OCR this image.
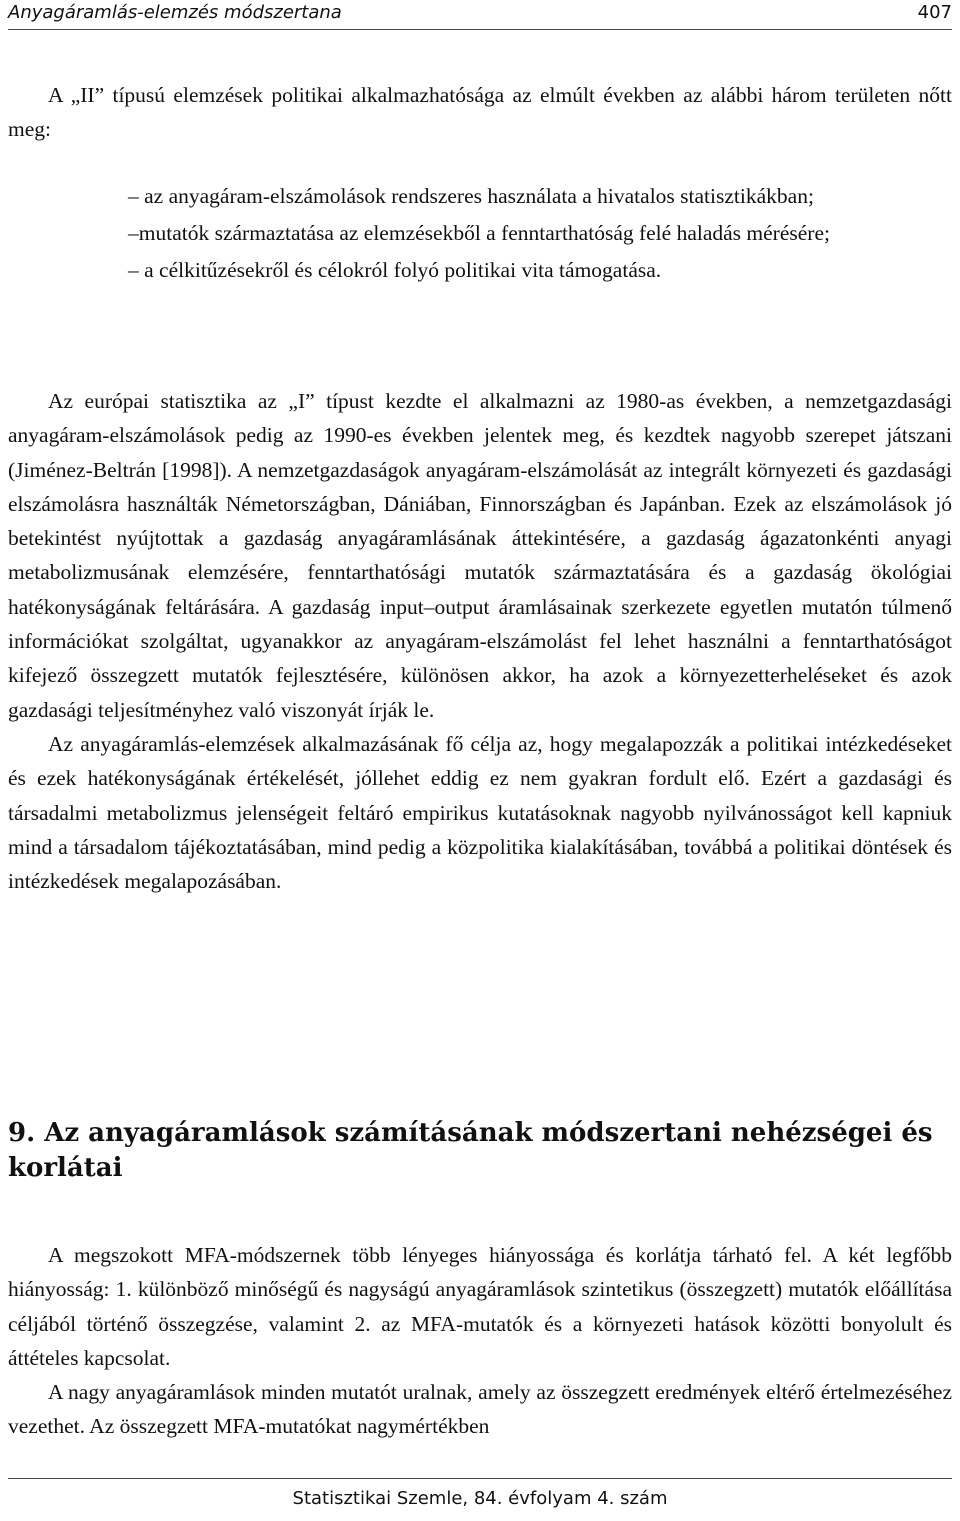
Anyagáramlás-elemzés módszertana	407

A „II” típusú elemzések politikai alkalmazhatósága az elmúlt években az alábbi három területen nőtt meg:

– az anyagáram-elszámolások rendszeres használata a hivatalos statisztikákban;
–mutatók származtatása az elemzésekből a fenntarthatóság felé haladás mérésére;
– a célkitűzésekről és célokról folyó politikai vita támogatása.

Az európai statisztika az „I” típust kezdte el alkalmazni az 1980-as években, a nemzetgazdasági anyagáram-elszámolások pedig az 1990-es években jelentek meg, és kezdtek nagyobb szerepet játszani (Jiménez-Beltrán [1998]). A nemzetgazdaságok anyagáram-elszámolását az integrált környezeti és gazdasági elszámolásra használták Németországban, Dániában, Finnországban és Japánban. Ezek az elszámolások jó betekintést nyújtottak a gazdaság anyagáramlásának áttekintésére, a gazdaság ágazatonkénti anyagi metabolizmusának elemzésére, fenntarthatósági mutatók származtatására és a gazdaság ökológiai hatékonyságának feltárására. A gazdaság input–output áramlásainak szerkezete egyetlen mutatón túlmenő információkat szolgáltat, ugyanakkor az anyagáram-elszámolást fel lehet használni a fenntarthatóságot kifejező összegzett mutatók fejlesztésére, különösen akkor, ha azok a környezetterheléseket és azok gazdasági teljesítményhez való viszonyát írják le.

Az anyagáramlás-elemzések alkalmazásának fő célja az, hogy megalapozzák a politikai intézkedéseket és ezek hatékonyságának értékelését, jóllehet eddig ez nem gyakran fordult elő. Ezért a gazdasági és társadalmi metabolizmus jelenségeit feltáró empirikus kutatásoknak nagyobb nyilvánosságot kell kapniuk mind a társadalom tájékoztatásában, mind pedig a közpolitika kialakításában, továbbá a politikai döntések és intézkedések megalapozásában.

9. Az anyagáramlások számításának módszertani nehézségei és korlátai

A megszokott MFA-módszernek több lényeges hiányossága és korlátja tárható fel. A két legfőbb hiányosság: 1. különböző minőségű és nagyságú anyagáramlások szintetikus (összegzett) mutatók előállítása céljából történő összegzése, valamint 2. az MFA-mutatók és a környezeti hatások közötti bonyolult és áttételes kapcsolat.

A nagy anyagáramlások minden mutatót uralnak, amely az összegzett eredmények eltérő értelmezéséhez vezethet. Az összegzett MFA-mutatókat nagymértékben

Statisztikai Szemle, 84. évfolyam 4. szám
